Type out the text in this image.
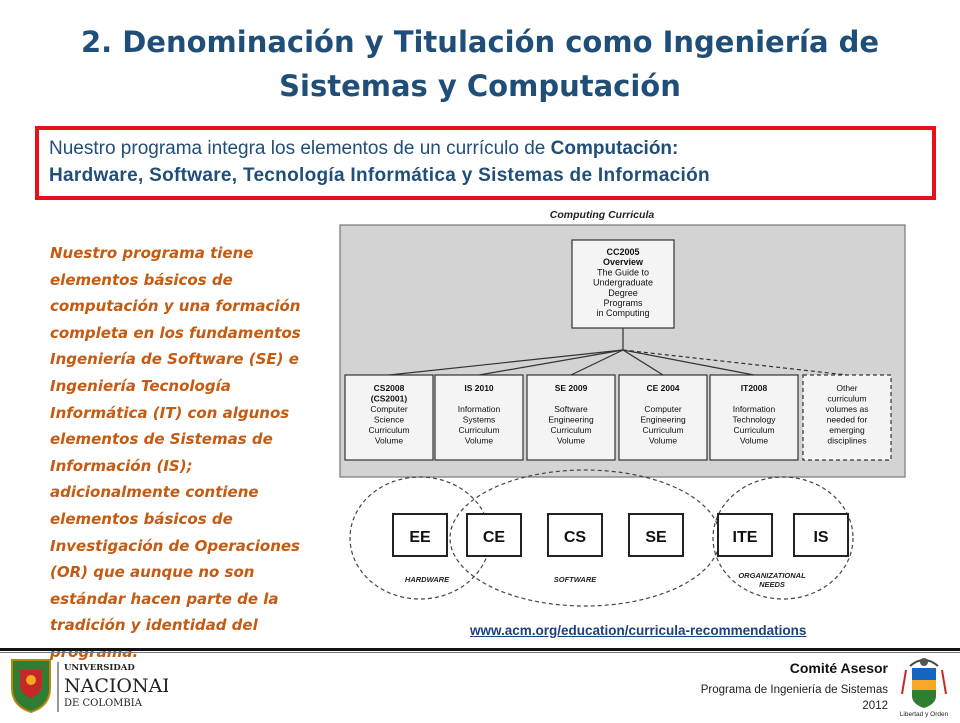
2. Denominación y Titulación como Ingeniería de
Sistemas y Computación
Nuestro programa integra los elementos de un currículo de Computación:
Hardware, Software, Tecnología Informática y Sistemas de Información
Nuestro programa tiene
elementos básicos de
computación y una formación
completa en los fundamentos
Ingeniería de Software (SE) e
Ingeniería Tecnología
Informática (IT) con algunos
elementos de Sistemas de
Información (IS);
adicionalmente contiene
elementos básicos de
Investigación de Operaciones
(OR) que aunque no son
estándar hacen parte de la
tradición y identidad del
Computing Curricula
CC2005
Overview
The Guide to
Undergraduate
Degree
Programs
in Computing
CS2008
(CS2001)
Computer
Science
Curriculum
Volume
IS 2010
Information
Systems
Curriculum
Volume
SE 2009
Software
Engineering
Curriculum
Volume
CE 2004
Computer
Engineering
Curriculum
Volume
IT2008
Information
Technology
Curriculum
Volume
Other
curriculum
volumes as
needed for
emerging
disciplines
EE	CE	CS	SE	ITE	IS
HARDWARE	SOFTWARE	ORGANIZATIONAL
NEEDS
www.acm.org/education/curricula-recommendations
UNIVERSIDAD
NACIONAL
DE COLOMBIA
Comité Asesor
Programa de Ingeniería de Sistemas
2012
Libertad y Orden
